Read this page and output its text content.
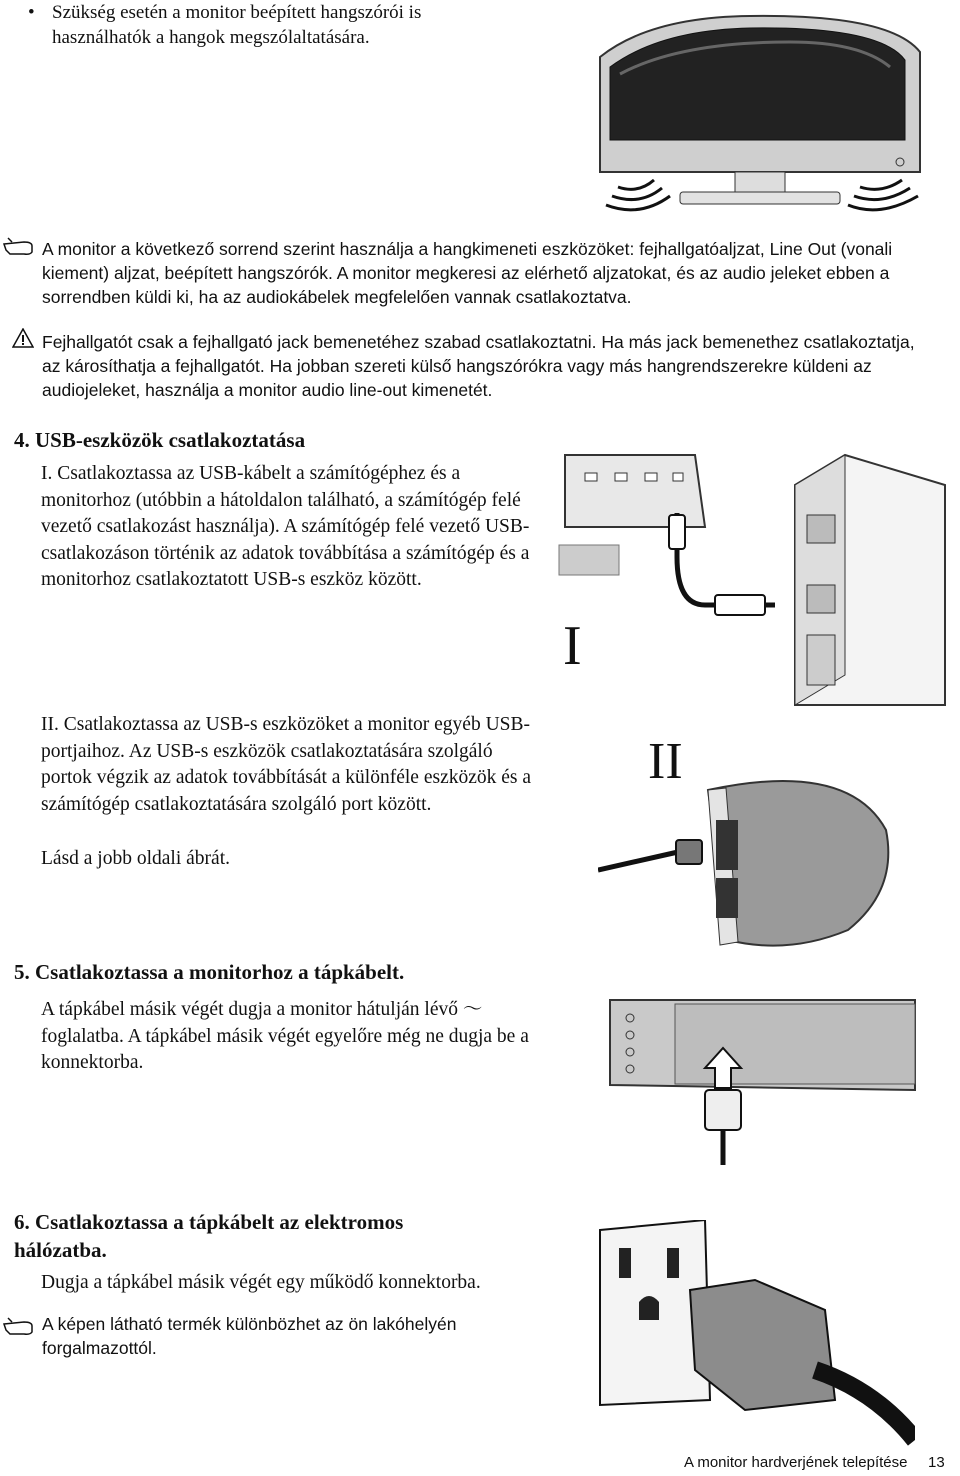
• Szükség esetén a monitor beépített hangszórói is használhatók a hangok megszólaltatására.
A monitor a következő sorrend szerint használja a hangkimeneti eszközöket: fejhallgatóaljzat, Line Out (vonali kiement) aljzat, beépített hangszórók. A monitor megkeresi az elérhető aljzatokat, és az audio jeleket ebben a sorrendben küldi ki, ha az audiokábelek megfelelően vannak csatlakoztatva.
Fejhallgatót csak a fejhallgató jack bemenetéhez szabad csatlakoztatni. Ha más jack bemenethez csatlakoztatja, az károsíthatja a fejhallgatót. Ha jobban szereti külső hangszórókra vagy más hangrendszerekre küldeni az audiojeleket, használja a monitor audio line-out kimenetét.
4. USB-eszközök csatlakoztatása
I. Csatlakoztassa az USB-kábelt a számítógéphez és a monitorhoz (utóbbin a hátoldalon található, a számítógép felé vezető csatlakozást használja). A számítógép felé vezető USB-csatlakozáson történik az adatok továbbítása a számítógép és a monitorhoz csatlakoztatott USB-s eszköz között.
I
II. Csatlakoztassa az USB-s eszközöket a monitor egyéb USB-portjaihoz. Az USB-s eszközök csatlakoztatására szolgáló portok végzik az adatok továbbítását a különféle eszközök és a számítógép csatlakoztatására szolgáló port között.
Lásd a jobb oldali ábrát.
II
5. Csatlakoztassa a monitorhoz a tápkábelt.
A tápkábel másik végét dugja a monitor hátulján lévő ～ foglalatba. A tápkábel másik végét egyelőre még ne dugja be a konnektorba.
6. Csatlakoztassa a tápkábelt az elektromos hálózatba.
Dugja a tápkábel másik végét egy működő konnektorba.
A képen látható termék különbözhet az ön lakóhelyén forgalmazottól.
A monitor hardverjének telepítése 13
